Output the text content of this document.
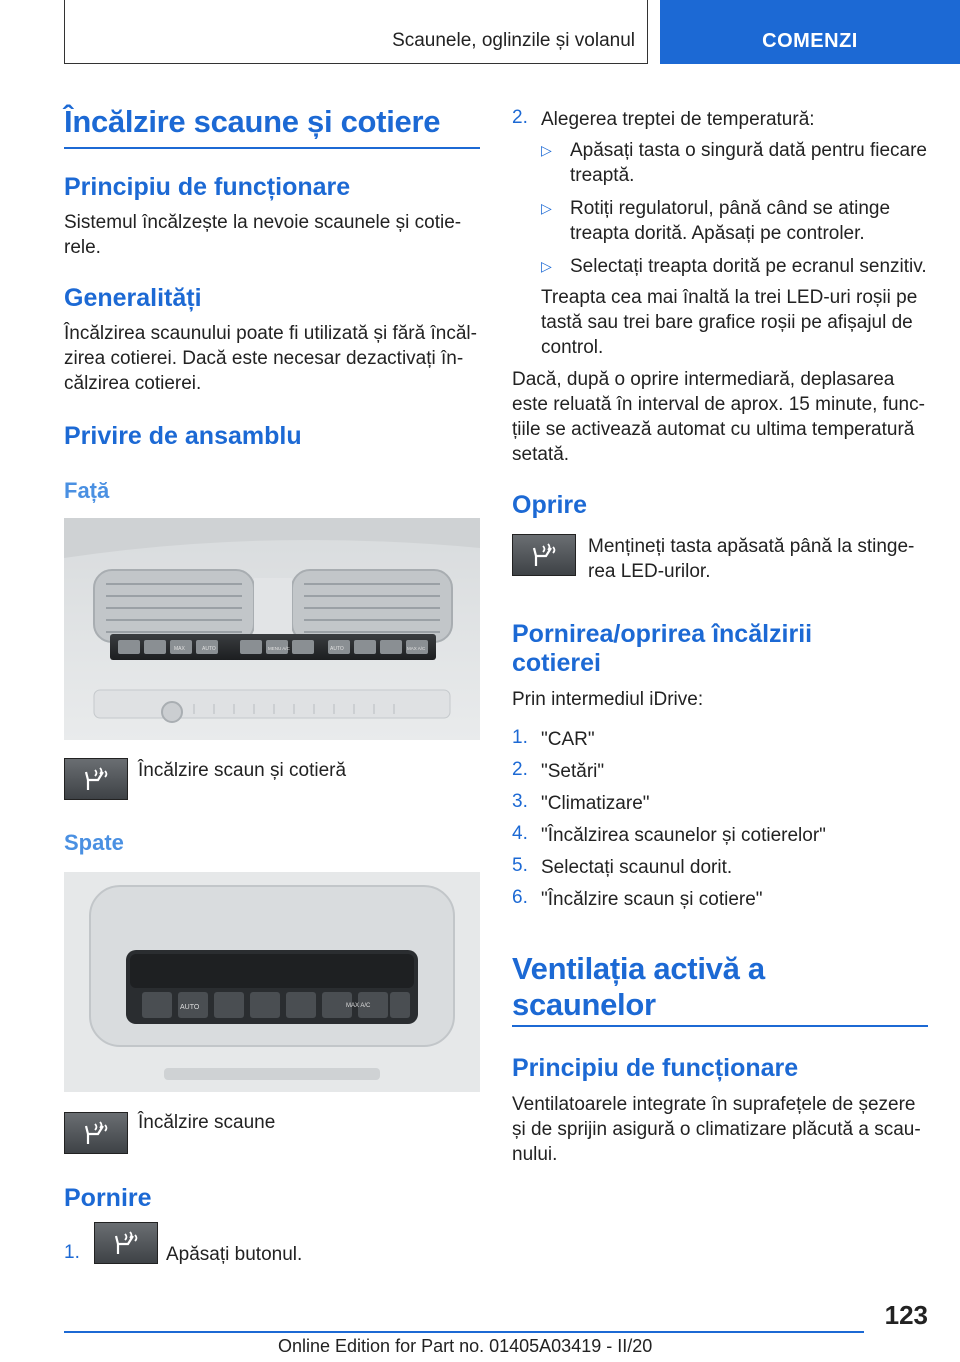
Scaunele, oglinzile și volanul	COMENZI
Încălzire scaune și cotiere
Principiu de funcționare
Sistemul încălzește la nevoie scaunele și cotie-
rele.
Generalități
Încălzirea scaunului poate fi utilizată și fără încăl-
zirea cotierei. Dacă este necesar dezactivați în-
călzirea cotierei.
Privire de ansamblu
Față
MAX	AUTO	MENU A/C	AUTO	MAX A/C
Încălzire scaun și cotieră
Spate
AUTO	MAX A/C
Încălzire scaune
Pornire
1.	Apăsați butonul.
2. Alegerea treptei de temperatură:
▷ Apăsați tasta o singură dată pentru fiecare
treaptă.
▷ Rotiți regulatorul, până când se atinge
treapta dorită. Apăsați pe controler.
▷ Selectați treapta dorită pe ecranul senzitiv.
Treapta cea mai înaltă la trei LED-uri roșii pe
tastă sau trei bare grafice roșii pe afișajul de
control.
Dacă, după o oprire intermediară, deplasarea
este reluată în interval de aprox. 15 minute, func-
țiile se activează automat cu ultima temperatură
setată.
Oprire
Mențineți tasta apăsată până la stinge-
rea LED-urilor.
Pornirea/oprirea încălzirii
cotierei
Prin intermediul iDrive:
1. "CAR"
2. "Setări"
3. "Climatizare"
4. "Încălzirea scaunelor și cotierelor"
5. Selectați scaunul dorit.
6. "Încălzire scaun și cotiere"
Ventilația activă a
scaunelor
Principiu de funcționare
Ventilatoarele integrate în suprafețele de șezere
și de sprijin asigură o climatizare plăcută a scau-
nului.
123
Online Edition for Part no. 01405A03419 - II/20
